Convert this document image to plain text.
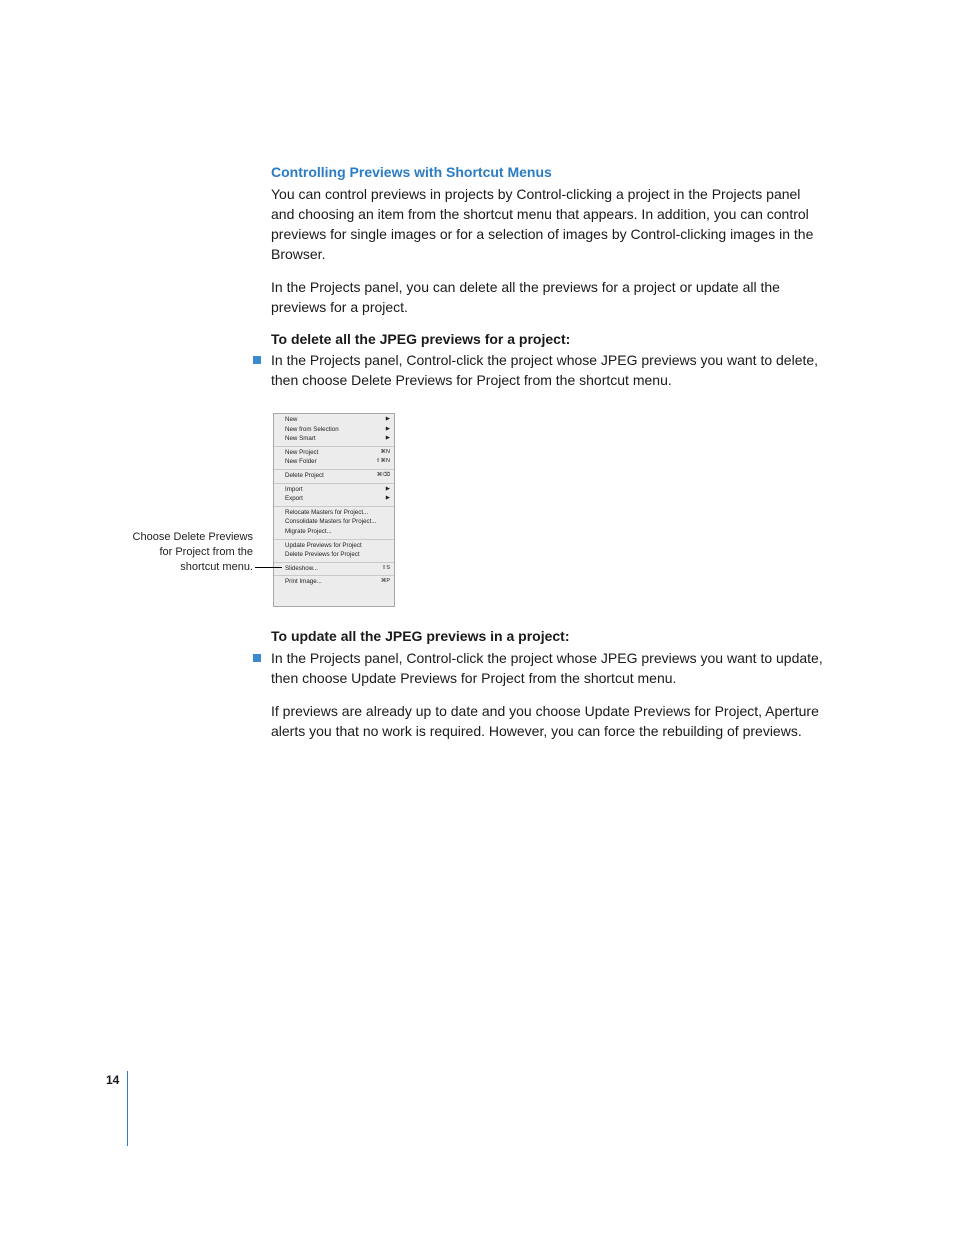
Controlling Previews with Shortcut Menus

You can control previews in projects by Control-clicking a project in the Projects panel and choosing an item from the shortcut menu that appears. In addition, you can control previews for single images or for a selection of images by Control-clicking images in the Browser.

In the Projects panel, you can delete all the previews for a project or update all the previews for a project.

To delete all the JPEG previews for a project:

In the Projects panel, Control-click the project whose JPEG previews you want to delete, then choose Delete Previews for Project from the shortcut menu.

New	▶
New from Selection	▶
New Smart	▶
New Project	⌘N
New Folder	⇧⌘N
Delete Project	⌘⌫
Import	▶
Export	▶
Relocate Masters for Project...
Consolidate Masters for Project...
Migrate Project...
Update Previews for Project
Delete Previews for Project
Slideshow...	⇧S
Print Image...	⌘P
Choose Delete Previews
for Project from the
shortcut menu.
To update all the JPEG previews in a project:

In the Projects panel, Control-click the project whose JPEG previews you want to update, then choose Update Previews for Project from the shortcut menu.

If previews are already up to date and you choose Update Previews for Project, Aperture alerts you that no work is required. However, you can force the rebuilding of previews.

14
